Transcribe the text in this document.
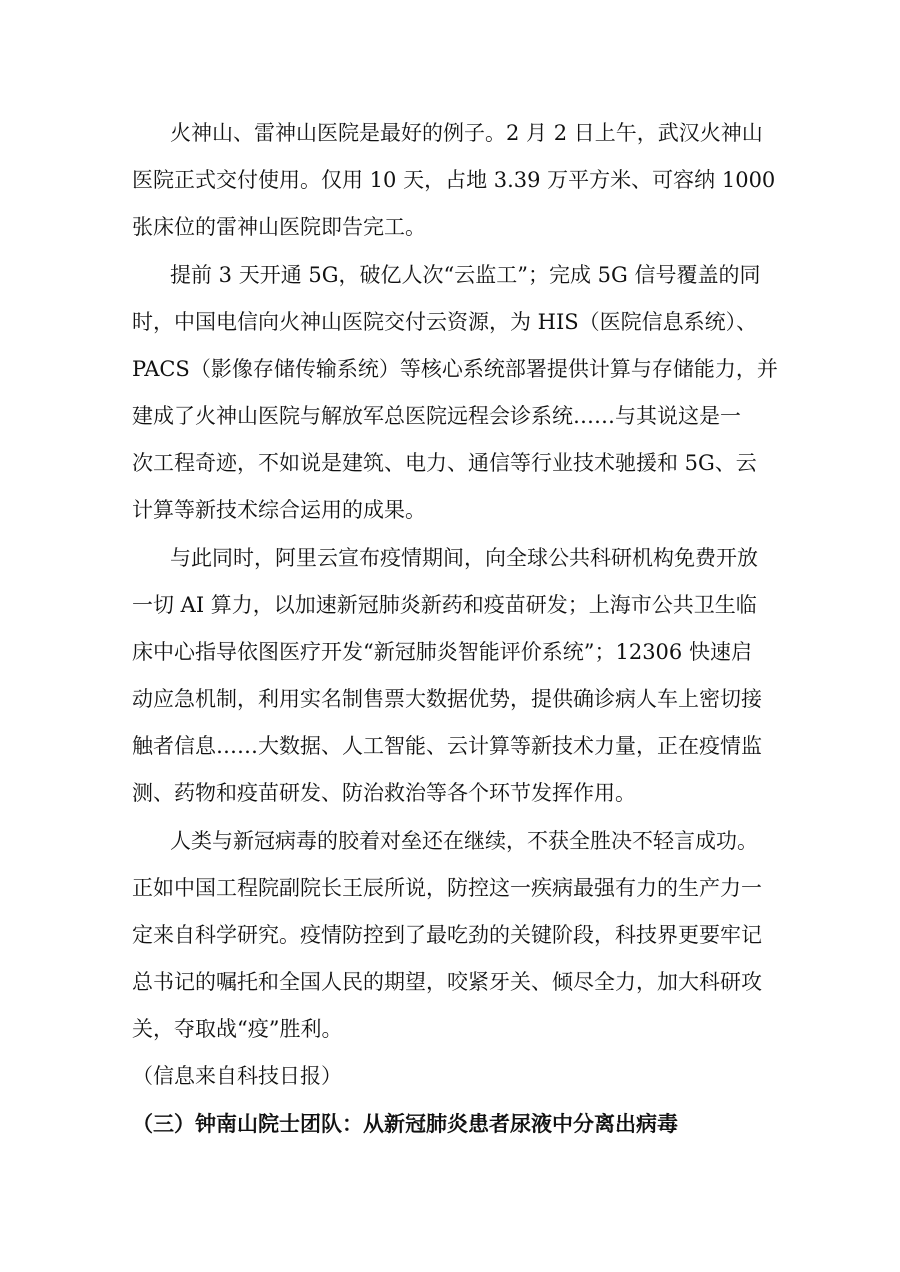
火神山、雷神山医院是最好的例子。2 月 2 日上午，武汉火神山

医院正式交付使用。仅用 10 天，占地 3.39 万平方米、可容纳 1000

张床位的雷神山医院即告完工。

提前 3 天开通 5G，破亿人次“云监工”；完成 5G 信号覆盖的同

时，中国电信向火神山医院交付云资源，为 HIS（医院信息系统）、

PACS（影像存储传输系统）等核心系统部署提供计算与存储能力，并

建成了火神山医院与解放军总医院远程会诊系统……与其说这是一

次工程奇迹，不如说是建筑、电力、通信等行业技术驰援和 5G、云

计算等新技术综合运用的成果。

与此同时，阿里云宣布疫情期间，向全球公共科研机构免费开放

一切 AI 算力，以加速新冠肺炎新药和疫苗研发；上海市公共卫生临

床中心指导依图医疗开发“新冠肺炎智能评价系统”；12306 快速启

动应急机制，利用实名制售票大数据优势，提供确诊病人车上密切接

触者信息……大数据、人工智能、云计算等新技术力量，正在疫情监

测、药物和疫苗研发、防治救治等各个环节发挥作用。

人类与新冠病毒的胶着对垒还在继续，不获全胜决不轻言成功。

正如中国工程院副院长王辰所说，防控这一疾病最强有力的生产力一

定来自科学研究。疫情防控到了最吃劲的关键阶段，科技界更要牢记

总书记的嘱托和全国人民的期望，咬紧牙关、倾尽全力，加大科研攻

关，夺取战“疫”胜利。

（信息来自科技日报）

（三）钟南山院士团队：从新冠肺炎患者尿液中分离出病毒
